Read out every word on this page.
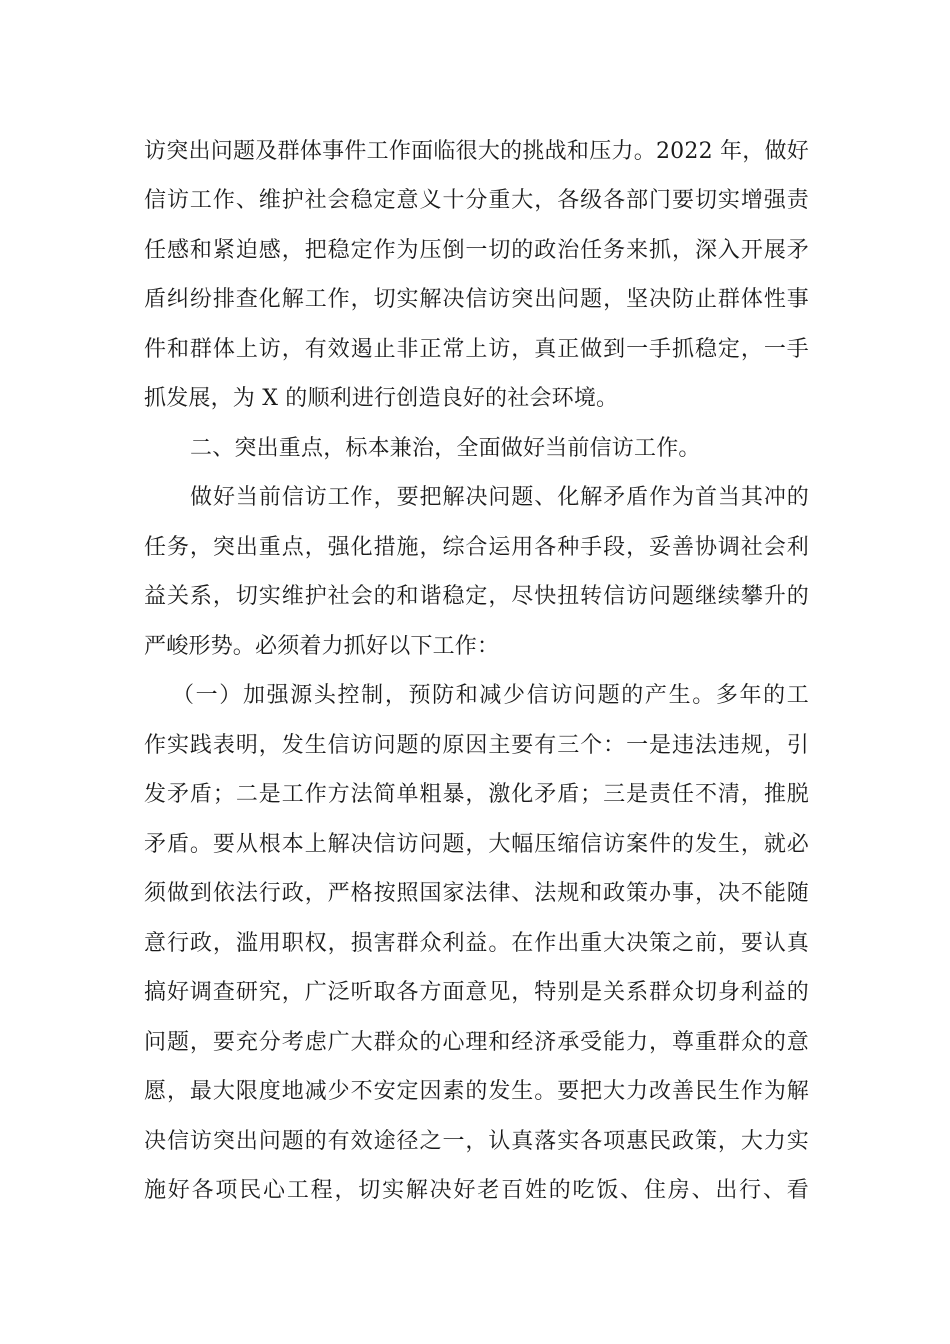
访突出问题及群体事件工作面临很大的挑战和压力。2022 年，做好
信访工作、维护社会稳定意义十分重大，各级各部门要切实增强责
任感和紧迫感，把稳定作为压倒一切的政治任务来抓，深入开展矛
盾纠纷排查化解工作，切实解决信访突出问题，坚决防止群体性事
件和群体上访，有效遏止非正常上访，真正做到一手抓稳定，一手
抓发展，为 X 的顺利进行创造良好的社会环境。
二、突出重点，标本兼治，全面做好当前信访工作。
做好当前信访工作，要把解决问题、化解矛盾作为首当其冲的
任务，突出重点，强化措施，综合运用各种手段，妥善协调社会利
益关系，切实维护社会的和谐稳定，尽快扭转信访问题继续攀升的
严峻形势。必须着力抓好以下工作：
（一）加强源头控制，预防和减少信访问题的产生。多年的工
作实践表明，发生信访问题的原因主要有三个：一是违法违规，引
发矛盾；二是工作方法简单粗暴，激化矛盾；三是责任不清，推脱
矛盾。要从根本上解决信访问题，大幅压缩信访案件的发生，就必
须做到依法行政，严格按照国家法律、法规和政策办事，决不能随
意行政，滥用职权，损害群众利益。在作出重大决策之前，要认真
搞好调查研究，广泛听取各方面意见，特别是关系群众切身利益的
问题，要充分考虑广大群众的心理和经济承受能力，尊重群众的意
愿，最大限度地减少不安定因素的发生。要把大力改善民生作为解
决信访突出问题的有效途径之一，认真落实各项惠民政策，大力实
施好各项民心工程，切实解决好老百姓的吃饭、住房、出行、看
